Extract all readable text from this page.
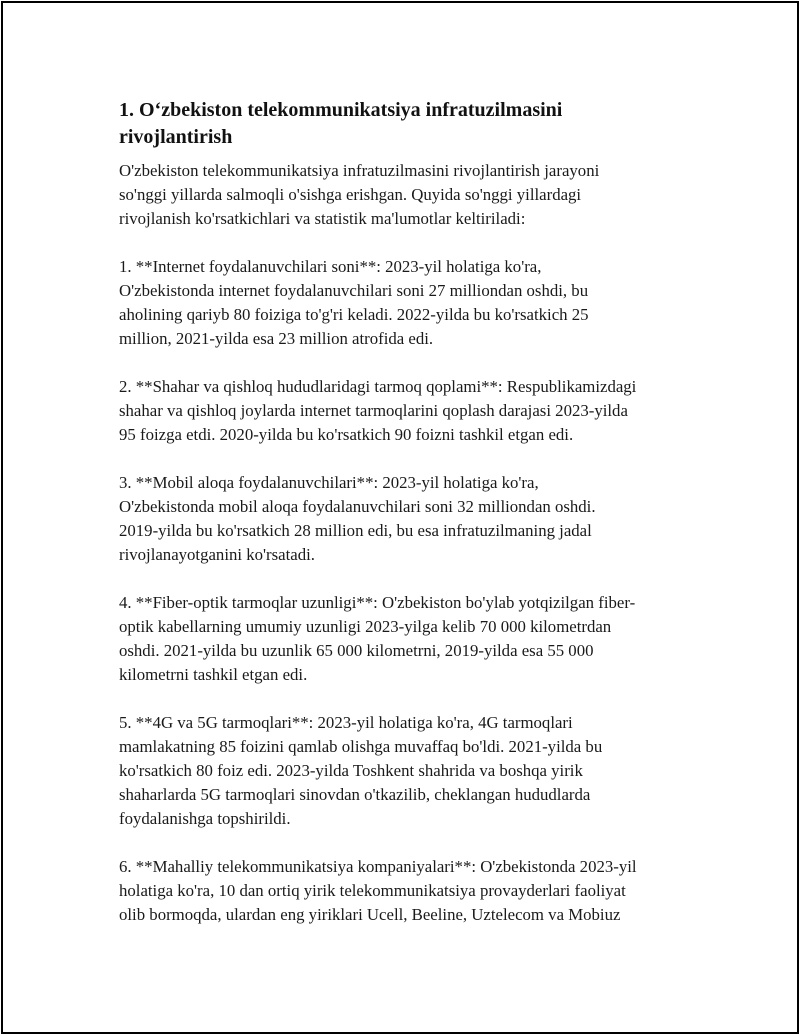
1. O‘zbekiston telekommunikatsiya infratuzilmasini
rivojlantirish

O'zbekiston telekommunikatsiya infratuzilmasini rivojlantirish jarayoni
so'nggi yillarda salmoqli o'sishga erishgan. Quyida so'nggi yillardagi
rivojlanish ko'rsatkichlari va statistik ma'lumotlar keltiriladi:

1. **Internet foydalanuvchilari soni**: 2023-yil holatiga ko'ra,
O'zbekistonda internet foydalanuvchilari soni 27 milliondan oshdi, bu
aholining qariyb 80 foiziga to'g'ri keladi. 2022-yilda bu ko'rsatkich 25
million, 2021-yilda esa 23 million atrofida edi.

2. **Shahar va qishloq hududlaridagi tarmoq qoplami**: Respublikamizdagi
shahar va qishloq joylarda internet tarmoqlarini qoplash darajasi 2023-yilda
95 foizga etdi. 2020-yilda bu ko'rsatkich 90 foizni tashkil etgan edi.

3. **Mobil aloqa foydalanuvchilari**: 2023-yil holatiga ko'ra,
O'zbekistonda mobil aloqa foydalanuvchilari soni 32 milliondan oshdi.
2019-yilda bu ko'rsatkich 28 million edi, bu esa infratuzilmaning jadal
rivojlanayotganini ko'rsatadi.

4. **Fiber-optik tarmoqlar uzunligi**: O'zbekiston bo'ylab yotqizilgan fiber-
optik kabellarning umumiy uzunligi 2023-yilga kelib 70 000 kilometrdan
oshdi. 2021-yilda bu uzunlik 65 000 kilometrni, 2019-yilda esa 55 000
kilometrni tashkil etgan edi.

5. **4G va 5G tarmoqlari**: 2023-yil holatiga ko'ra, 4G tarmoqlari
mamlakatning 85 foizini qamlab olishga muvaffaq bo'ldi. 2021-yilda bu
ko'rsatkich 80 foiz edi. 2023-yilda Toshkent shahrida va boshqa yirik
shaharlarda 5G tarmoqlari sinovdan o'tkazilib, cheklangan hududlarda
foydalanishga topshirildi.

6. **Mahalliy telekommunikatsiya kompaniyalari**: O'zbekistonda 2023-yil
holatiga ko'ra, 10 dan ortiq yirik telekommunikatsiya provayderlari faoliyat
olib bormoqda, ulardan eng yiriklari Ucell, Beeline, Uztelecom va Mobiuz
